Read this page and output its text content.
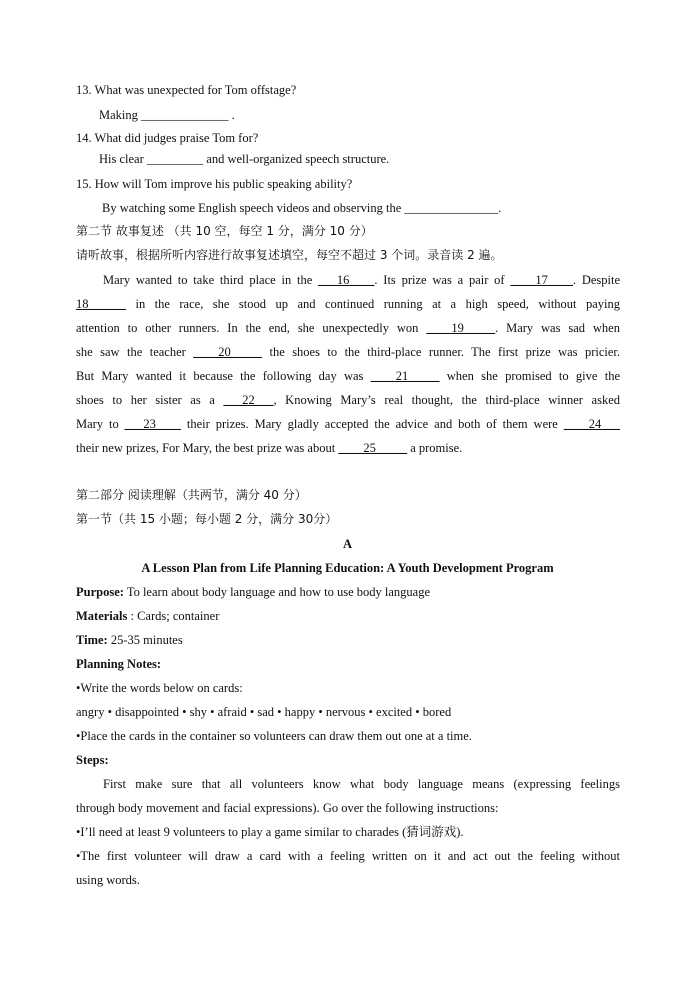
13. What was unexpected for Tom offstage?
Making ______________ .
14. What did judges praise Tom for?
His clear _________ and well-organized speech structure.
15. How will Tom improve his public speaking ability?
By watching some English speech videos and observing the _______________.
第二节 故事复述 （共 10 空，每空 1 分，满分 10 分）
请听故事，根据所听内容进行故事复述填空，每空不超过 3 个词。录音读 2 遍。
Mary wanted to take third place in the ___16____. Its prize was a pair of ____17____. Despite
18______ in the race, she stood up and continued running at a high speed, without paying
attention to other runners. In the end, she unexpectedly won ____19_____. Mary was sad when
she saw the teacher ____20_____ the shoes to the third-place runner. The first prize was pricier.
But Mary wanted it because the following day was ____21_____ when she promised to give the
shoes to her sister as a ___22___, Knowing Mary’s real thought, the third-place winner asked
Mary to ___23____ their prizes. Mary gladly accepted the advice and both of them were ____24___
their new prizes, For Mary, the best prize was about ____25_____ a promise.
第二部分 阅读理解（共两节，满分 40 分）
第一节（共 15 小题；每小题 2 分，满分 30分）
A
A Lesson Plan from Life Planning Education: A Youth Development Program
Purpose: To learn about body language and how to use body language
Materials : Cards; container
Time: 25-35 minutes
Planning Notes:
•Write the words below on cards:
angry • disappointed • shy • afraid • sad • happy • nervous • excited • bored
•Place the cards in the container so volunteers can draw them out one at a time.
Steps:
First make sure that all volunteers know what body language means (expressing feelings
through body movement and facial expressions). Go over the following instructions:
•I’ll need at least 9 volunteers to play a game similar to charades (猜词游戏).
•The first volunteer will draw a card with a feeling written on it and act out the feeling without
using words.
